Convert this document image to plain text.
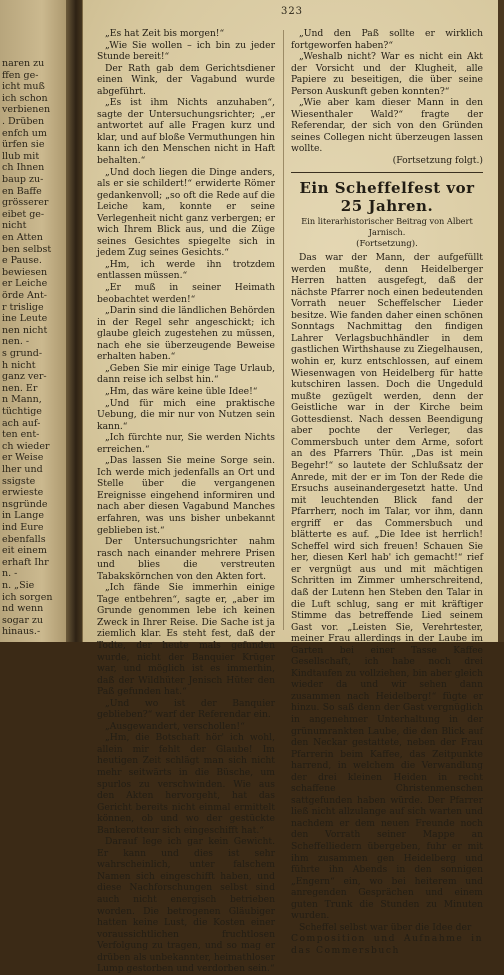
naren zu
ffen ge-
icht muß
ich schon
verbienen
. Drüben
enfch um
ürfen sie
llub mit
ch Ihnen
baup zu-
en Baffe
grösserer
eibet ge-
nicht
en Atten
ben selbst
e Pause.
bewiesen
er Leiche
örde Ant-
r trislige
ine Leute
nen nicht
nen. -
s grund-
h nicht
ganz ver-
nen. Er
n Mann,
tüchtige
ach auf-
ten ent-
ch wieder
er Weise
lher und
ssigste
erwieste
nsgründe
in Lange
ind Eure
ebenfalls
eit einem
erhaft Ihr
n. -
n. „Sie
ich sorgen
nd wenn
sogar zu
hinaus.-
323

„Es hat Zeit bis morgen!“

„Wie Sie wollen – ich bin zu jeder Stunde bereit!“

Der Rath gab dem Gerichtsdiener einen Wink, der Vagabund wurde abgeführt.

„Es ist ihm Nichts anzuhaben“, sagte der Untersuchungsrichter; „er antwortet auf alle Fragen kurz und klar, und auf bloße Vermuthungen hin kann ich den Menschen nicht in Haft behalten.“

„Und doch liegen die Dinge anders, als er sie schildert!“ erwiderte Römer gedankenvoll; „so oft die Rede auf die Leiche kam, konnte er seine Verlegenheit nicht ganz verbergen; er wich Ihrem Blick aus, und die Züge seines Gesichtes spiegelte sich in jedem Zug seines Gesichts.“

„Hm, ich werde ihn trotzdem entlassen müssen.“

„Er muß in seiner Heimath beobachtet werden!“

„Darin sind die ländlichen Behörden in der Regel sehr angeschickt; ich glaube gleich zugestehen zu müssen, nach ehe sie überzeugende Beweise erhalten haben.“

„Geben Sie mir einige Tage Urlaub, dann reise ich selbst hin.“

„Hm, das wäre keine üble Idee!“

„Und für mich eine praktische Uebung, die mir nur von Nutzen sein kann.“

„Ich fürchte nur, Sie werden Nichts erreichen.“

„Das lassen Sie meine Sorge sein. Ich werde mich jedenfalls an Ort und Stelle über die vergangenen Ereignisse eingehend informiren und nach aber diesen Vagabund Manches erfahren, was uns bisher unbekannt geblieben ist.“

Der Untersuchungsrichter nahm rasch nach einander mehrere Prisen und blies die verstreuten Tabakskörnchen von den Akten fort.

„Ich fände Sie immerhin einige Tage entbehren“, sagte er, „aber im Grunde genommen lebe ich keinen Zweck in Ihrer Reise. Die Sache ist ja ziemlich klar. Es steht fest, daß der Todte, der heute mals gefunden wurde, nicht der Banquier Krüger war, und möglich ist es immerhin, daß der Wildhüter Jenisch Hüter den Paß gefunden hat.“

„Und wo ist der Banquier geblieben?“ warf der Referendar ein.

„Ausgewandert, verschollen!“

„Hm, die Botschaft hör' ich wohl, allein mir fehlt der Glaube! Im heutigen Zeit schlägt man sich nicht mehr seitwärts in die Büsche, um spurlos zu verschwinden. Wie aus den Akten hervorgeht, hat das Gericht bereits nicht einmal ermittelt können, ob und wo der gestückte Bankerotteur sich eingeschifft hat.“

Darauf lege ich gar kein Gewicht. Er kann und dies ist sehr wahrscheinlich, unter falschem Namen sich eingeschifft haben, und diese Nachforschungen selbst sind auch nicht energisch betrieben worden. Die betrogenen Gläubiger hatten keine Lust, die Kosten einer voraussichtlichen fruchtlosen Verfolgung zu tragen, und so mag er drüben als unbekannter, heimathloser Lump gestorben und verdorben sein.“

„Und den Paß sollte er wirklich fortgeworfen haben?“

„Weshalb nicht? War es nicht ein Akt der Vorsicht und der Klugheit, alle Papiere zu beseitigen, die über seine Person Auskunft geben konnten?“

„Wie aber kam dieser Mann in den Wiesenthaler Wald?“ fragte der Referendar, der sich von den Gründen seines Collegen nicht überzeugen lassen wollte.

(Fortsetzung folgt.)

Ein Scheffelfest vor 25 Jahren.
Ein literarhistorischer Beitrag von Albert Jarnisch.
(Fortsetzung).

Das war der Mann, der aufgefüllt werden mußte, denn Heidelberger Herren hatten ausgefegt, daß der nächste Pfarrer noch einen bedeutenden Vorrath neuer Scheffelscher Lieder besitze. Wie fanden daher einen schönen Sonntags Nachmittag den findigen Lahrer Verlagsbuchhändler in dem gastlichen Wirthshause zu Ziegelhausen, wohin er, kurz entschlossen, auf einem Wiesenwagen von Heidelberg für hatte kutschiren lassen. Doch die Ungeduld mußte gezügelt werden, denn der Geistliche war in der Kirche beim Gottesdienst. Nach dessen Beendigung aber pochte der Verleger, das Commersbuch unter dem Arme, sofort an des Pfarrers Thür. „Das ist mein Begehr!“ so lautete der Schlußsatz der Anrede, mit der er im Ton der Rede die Ersuchs auseinandergesetzt hatte. Und mit leuchtenden Blick fand der Pfarrherr, noch im Talar, vor ihm, dann ergriff er das Commersbuch und blätterte es auf. „Die Idee ist herrlich! Scheffel wird sich freuen! Schauen Sie her, diesen Kerl hab' ich gemacht!“ rief er vergnügt aus und mit mächtigen Schritten im Zimmer umherschreitend, daß der Lutenn hen Steben den Talar in die Luft schlug, sang er mit kräftiger Stimme das betreffende Lied seinem Gast vor. „Leisten Sie, Verehrtester, meiner Frau allerdings in der Laube im Garten bei einer Tasse Kaffee Gesellschaft, ich habe noch drei Kindtaufen zu vollziehen, bin aber gleich wieder da und wir sehen dann zusammen nach Heidelberg!“ fügte er hinzu. So saß denn der Gast vergnüglich in angenehmer Unterhaltung in der grünumrankten Laube, die den Blick auf den Neckar gestattete, neben der Frau Pfarrerin beim Kaffee, das Zeitpunkte harrend, in welchem die Verwandlung der drei kleinen Heiden in recht schaffene Christenmenschen sattgefunden haben würde. Der Pfarrer ließ nicht allzulange auf sich warten und nachdem er dem neuen Freunde noch den Vorrath seiner Mappe an Scheffelliedern übergeben, fuhr er mit ihm zusammen gen Heidelberg und führte ihn Abends in den sonnigen „Engern“ ein, wo bei heiterem und anregenden Gesprächen und einem guten Trunk die Stunden zu Minuten wurden.

Scheffel selbst war über die Idee der

Composition und Aufnahme in das Commersbuch
